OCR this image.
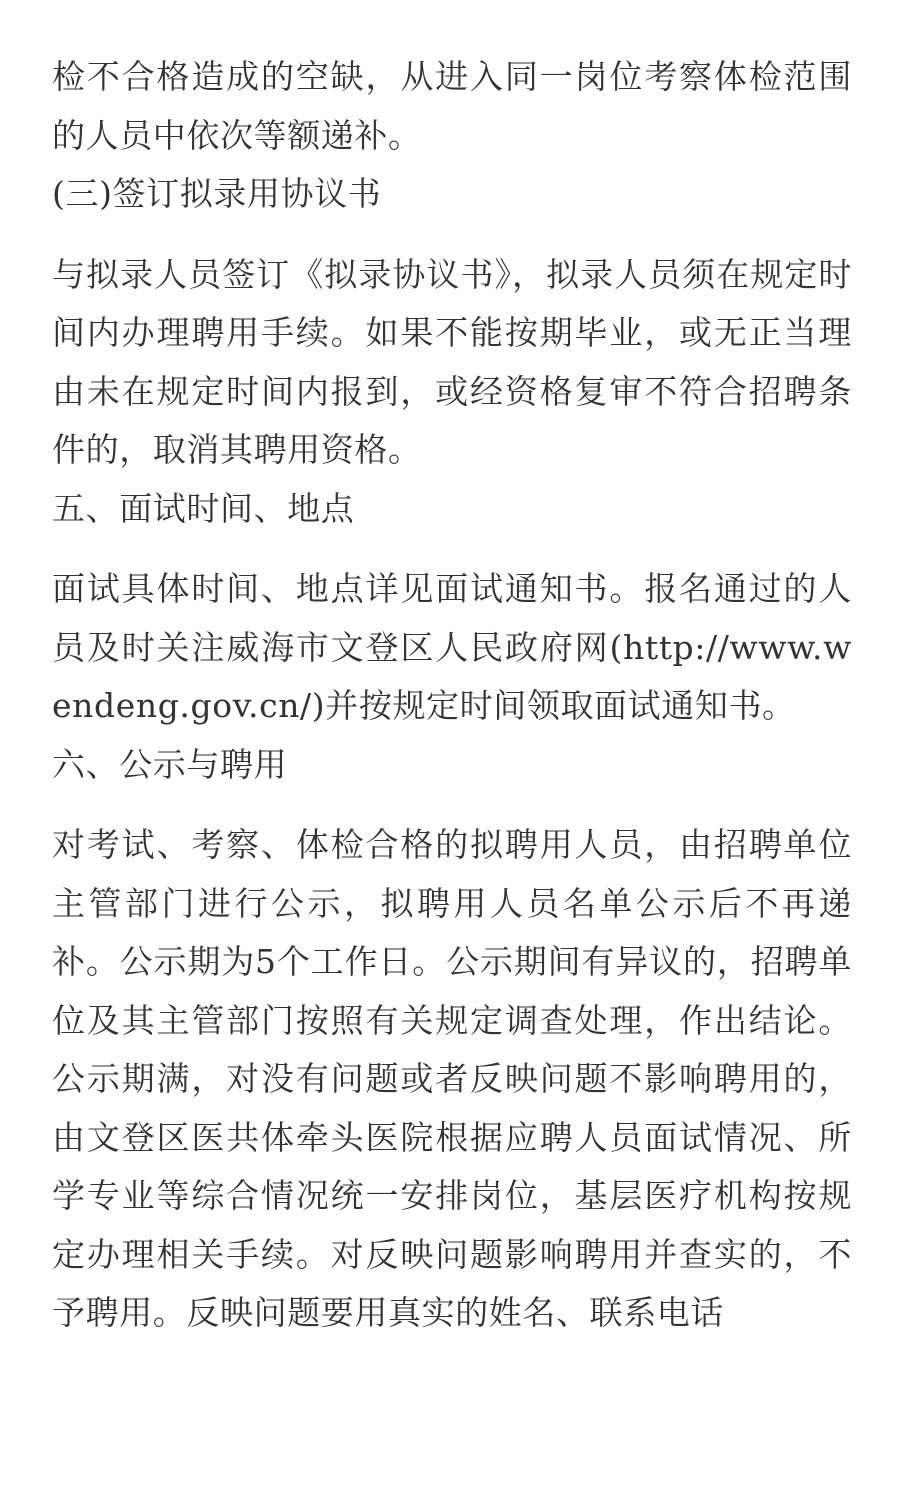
检不合格造成的空缺，从进入同一岗位考察体检范围的人员中依次等额递补。

(三)签订拟录用协议书

与拟录人员签订《拟录协议书》，拟录人员须在规定时间内办理聘用手续。如果不能按期毕业，或无正当理由未在规定时间内报到，或经资格复审不符合招聘条件的，取消其聘用资格。

五、面试时间、地点

面试具体时间、地点详见面试通知书。报名通过的人员及时关注威海市文登区人民政府网(http://www.wendeng.gov.cn/)并按规定时间领取面试通知书。

六、公示与聘用

对考试、考察、体检合格的拟聘用人员，由招聘单位主管部门进行公示，拟聘用人员名单公示后不再递补。公示期为5个工作日。公示期间有异议的，招聘单位及其主管部门按照有关规定调查处理，作出结论。公示期满，对没有问题或者反映问题不影响聘用的，由文登区医共体牵头医院根据应聘人员面试情况、所学专业等综合情况统一安排岗位，基层医疗机构按规定办理相关手续。对反映问题影响聘用并查实的，不予聘用。反映问题要用真实的姓名、联系电话
